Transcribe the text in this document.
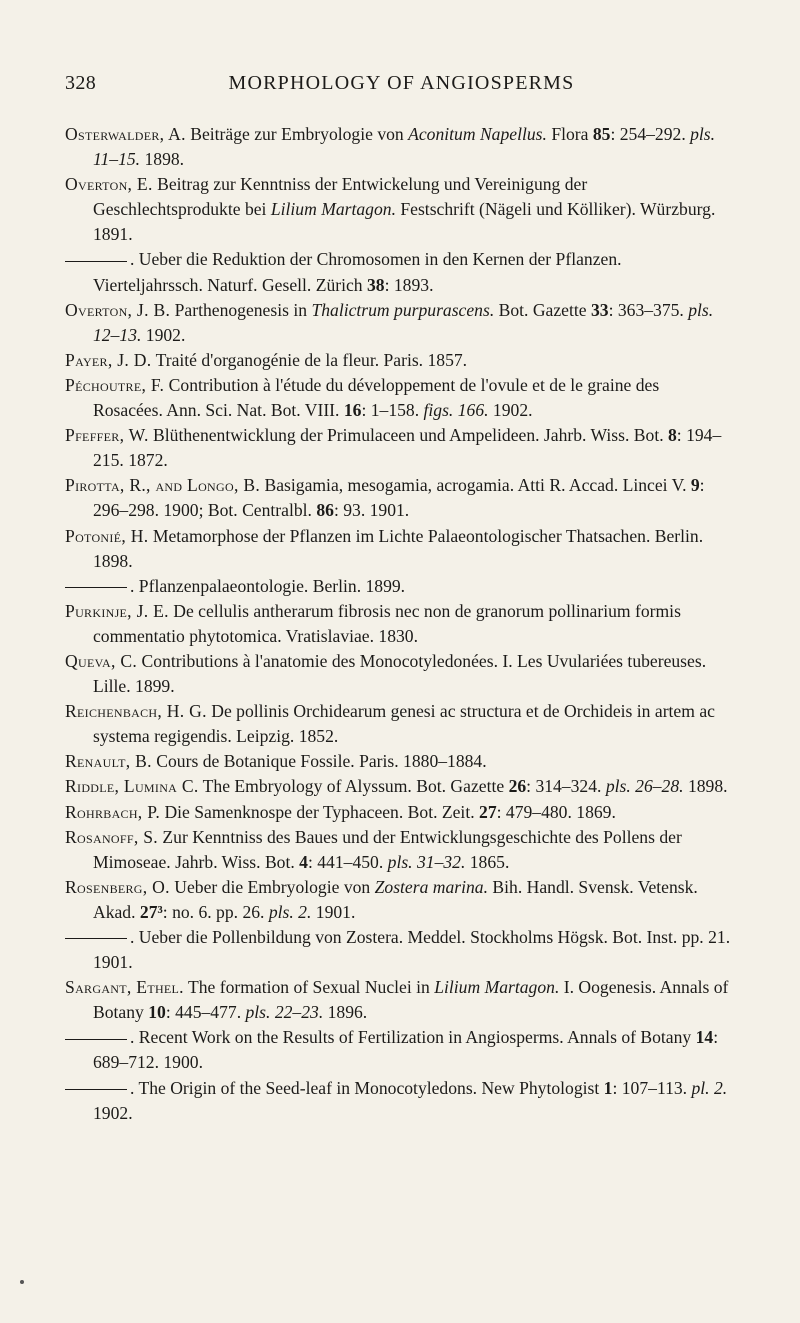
328	MORPHOLOGY OF ANGIOSPERMS

Osterwalder, A. Beiträge zur Embryologie von Aconitum Napellus. Flora 85: 254–292. pls. 11–15. 1898.

Overton, E. Beitrag zur Kenntniss der Entwickelung und Vereinigung der Geschlechtsprodukte bei Lilium Martagon. Festschrift (Nägeli und Kölliker). Würzburg. 1891.

. Ueber die Reduktion der Chromosomen in den Kernen der Pflanzen. Vierteljahrssch. Naturf. Gesell. Zürich 38: 1893.

Overton, J. B. Parthenogenesis in Thalictrum purpurascens. Bot. Gazette 33: 363–375. pls. 12–13. 1902.

Payer, J. D. Traité d'organogénie de la fleur. Paris. 1857.

Péchoutre, F. Contribution à l'étude du développement de l'ovule et de le graine des Rosacées. Ann. Sci. Nat. Bot. VIII. 16: 1–158. figs. 166. 1902.

Pfeffer, W. Blüthenentwicklung der Primulaceen und Ampelideen. Jahrb. Wiss. Bot. 8: 194–215. 1872.

Pirotta, R., and Longo, B. Basigamia, mesogamia, acrogamia. Atti R. Accad. Lincei V. 9: 296–298. 1900; Bot. Centralbl. 86: 93. 1901.

Potonié, H. Metamorphose der Pflanzen im Lichte Palaeontologischer Thatsachen. Berlin. 1898.

. Pflanzenpalaeontologie. Berlin. 1899.

Purkinje, J. E. De cellulis antherarum fibrosis nec non de granorum pollinarium formis commentatio phytotomica. Vratislaviae. 1830.

Queva, C. Contributions à l'anatomie des Monocotyledonées. I. Les Uvulariées tubereuses. Lille. 1899.

Reichenbach, H. G. De pollinis Orchidearum genesi ac structura et de Orchideis in artem ac systema regigendis. Leipzig. 1852.

Renault, B. Cours de Botanique Fossile. Paris. 1880–1884.

Riddle, Lumina C. The Embryology of Alyssum. Bot. Gazette 26: 314–324. pls. 26–28. 1898.

Rohrbach, P. Die Samenknospe der Typhaceen. Bot. Zeit. 27: 479–480. 1869.

Rosanoff, S. Zur Kenntniss des Baues und der Entwicklungsgeschichte des Pollens der Mimoseae. Jahrb. Wiss. Bot. 4: 441–450. pls. 31–32. 1865.

Rosenberg, O. Ueber die Embryologie von Zostera marina. Bih. Handl. Svensk. Vetensk. Akad. 27³: no. 6. pp. 26. pls. 2. 1901.

. Ueber die Pollenbildung von Zostera. Meddel. Stockholms Högsk. Bot. Inst. pp. 21. 1901.

Sargant, Ethel. The formation of Sexual Nuclei in Lilium Martagon. I. Oogenesis. Annals of Botany 10: 445–477. pls. 22–23. 1896.

. Recent Work on the Results of Fertilization in Angiosperms. Annals of Botany 14: 689–712. 1900.

. The Origin of the Seed-leaf in Monocotyledons. New Phytologist 1: 107–113. pl. 2. 1902.
